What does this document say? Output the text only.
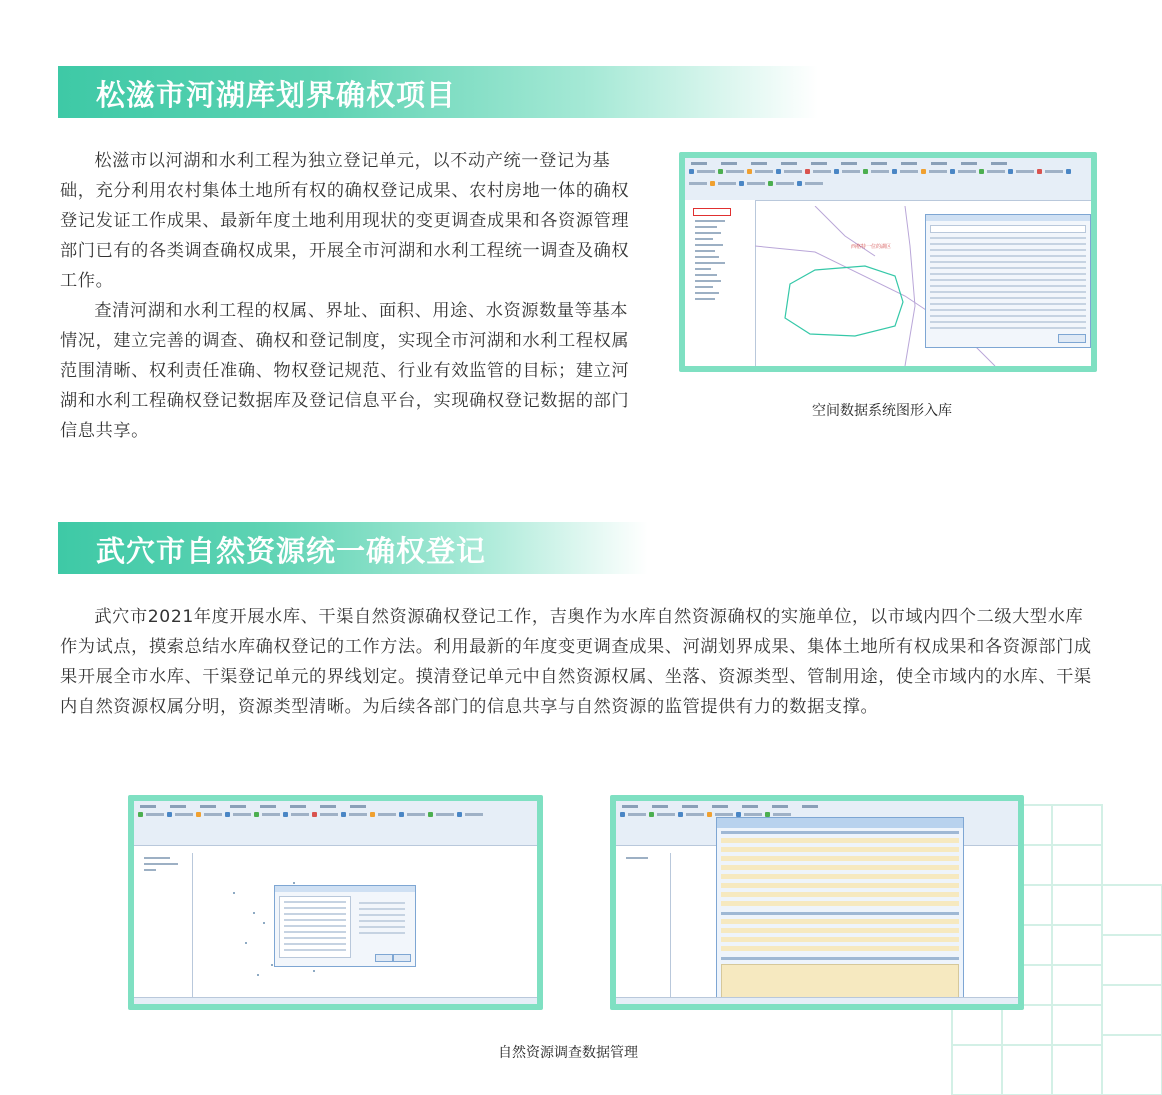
松滋市河湖库划界确权项目

松滋市以河湖和水利工程为独立登记单元，以不动产统一登记为基础，充分利用农村集体土地所有权的确权登记成果、农村房地一体的确权登记发证工作成果、最新年度土地利用现状的变更调查成果和各资源管理部门已有的各类调查确权成果，开展全市河湖和水利工程统一调查及确权工作。

查清河湖和水利工程的权属、界址、面积、用途、水资源数量等基本情况，建立完善的调查、确权和登记制度，实现全市河湖和水利工程权属范围清晰、权利责任准确、物权登记规范、行业有效监管的目标；建立河湖和水利工程确权登记数据库及登记信息平台，实现确权登记数据的部门信息共享。

西格特一位的湖区
空间数据系统图形入库
武穴市自然资源统一确权登记

武穴市2021年度开展水库、干渠自然资源确权登记工作，吉奥作为水库自然资源确权的实施单位，以市域内四个二级大型水库作为试点，摸索总结水库确权登记的工作方法。利用最新的年度变更调查成果、河湖划界成果、集体土地所有权成果和各资源部门成果开展全市水库、干渠登记单元的界线划定。摸清登记单元中自然资源权属、坐落、资源类型、管制用途，使全市域内的水库、干渠内自然资源权属分明，资源类型清晰。为后续各部门的信息共享与自然资源的监管提供有力的数据支撑。

自然资源调查数据管理
